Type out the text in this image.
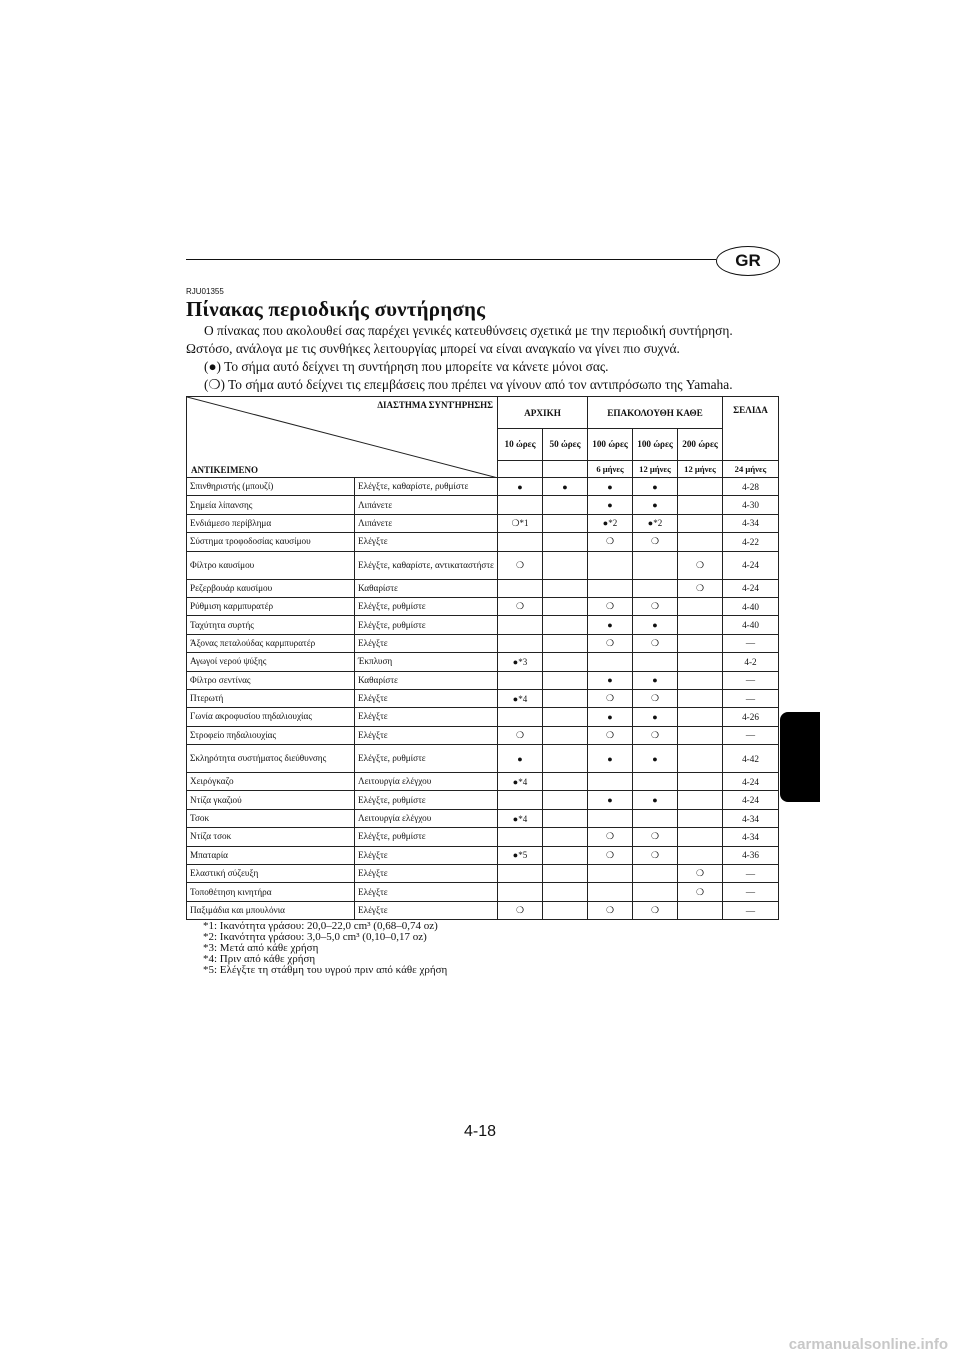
GR
RJU01355
Πίνακας περιοδικής συντήρησης

Ο πίνακας που ακολουθεί σας παρέχει γενικές κατευθύνσεις σχετικά με την περιοδική συντήρηση. Ωστόσο, ανάλογα με τις συνθήκες λειτουργίας μπορεί να είναι αναγκαίο να γίνει πιο συχνά.

(●) Το σήμα αυτό δείχνει τη συντήρηση που μπορείτε να κάνετε μόνοι σας.

(❍) Το σήμα αυτό δείχνει τις επεμβάσεις που πρέπει να γίνουν από τον αντιπρόσωπο της Yamaha.

ΔΙΑΣΤΗΜΑ ΣΥΝΤΉΡΗΣΗΣ
ΑΝΤΙΚΕΙΜΕΝΟ		ΑΡΧΙΚΗ		ΕΠΑΚΟΛΟΥΘΗ ΚΑΘΕ			ΣΕΛΙΔΑ
		10 ώρες	50 ώρες	100 ώρες	100 ώρες	200 ώρες	
				6 μήνες	12 μήνες	12 μήνες	24 μήνες
Σπινθηριστής (μπουζί)	Ελέγξτε, καθαρίστε, ρυθμίστε	●	●	●	●		4-28
Σημεία λίπανσης	Λιπάνετε			●	●		4-30
Ενδιάμεσο περίβλημα	Λιπάνετε	❍*1		●*2	●*2		4-34
Σύστημα τροφοδοσίας καυσίμου	Ελέγξτε			❍	❍		4-22
Φίλτρο καυσίμου	Ελέγξτε, καθαρίστε, αντικαταστήστε	❍				❍	4-24
Ρεζερβουάρ καυσίμου	Καθαρίστε					❍	4-24
Ρύθμιση καρμπυρατέρ	Ελέγξτε, ρυθμίστε	❍		❍	❍		4-40
Ταχύτητα συρτής	Ελέγξτε, ρυθμίστε			●	●		4-40
Άξονας πεταλούδας καρμπυρατέρ	Ελέγξτε			❍	❍		—
Αγωγοί νερού ψύξης	Έκπλυση	●*3					4-2
Φίλτρο σεντίνας	Καθαρίστε			●	●		—
Πτερωτή	Ελέγξτε	●*4		❍	❍		—
Γωνία ακροφυσίου πηδαλιουχίας	Ελέγξτε			●	●		4-26
Στροφείο πηδαλιουχίας	Ελέγξτε	❍		❍	❍		—
Σκληρότητα συστήματος διεύθυνσης	Ελέγξτε, ρυθμίστε	●		●	●		4-42
Χειρόγκαζο	Λειτουργία ελέγχου	●*4					4-24
Ντίζα γκαζιού	Ελέγξτε, ρυθμίστε			●	●		4-24
Τσοκ	Λειτουργία ελέγχου	●*4					4-34
Ντίζα τσοκ	Ελέγξτε, ρυθμίστε			❍	❍		4-34
Μπαταρία	Ελέγξτε	●*5		❍	❍		4-36
Ελαστική σύζευξη	Ελέγξτε					❍	—
Τοποθέτηση κινητήρα	Ελέγξτε					❍	—
Παξιμάδια και μπουλόνια	Ελέγξτε	❍		❍	❍		—
*1: Ικανότητα γράσου: 20,0–22,0 cm³ (0,68–0,74 oz)
*2: Ικανότητα γράσου: 3,0–5,0 cm³ (0,10–0,17 oz)
*3: Μετά από κάθε χρήση
*4: Πριν από κάθε χρήση
*5: Ελέγξτε τη στάθμη του υγρού πριν από κάθε χρήση
4-18
carmanualsonline.info
